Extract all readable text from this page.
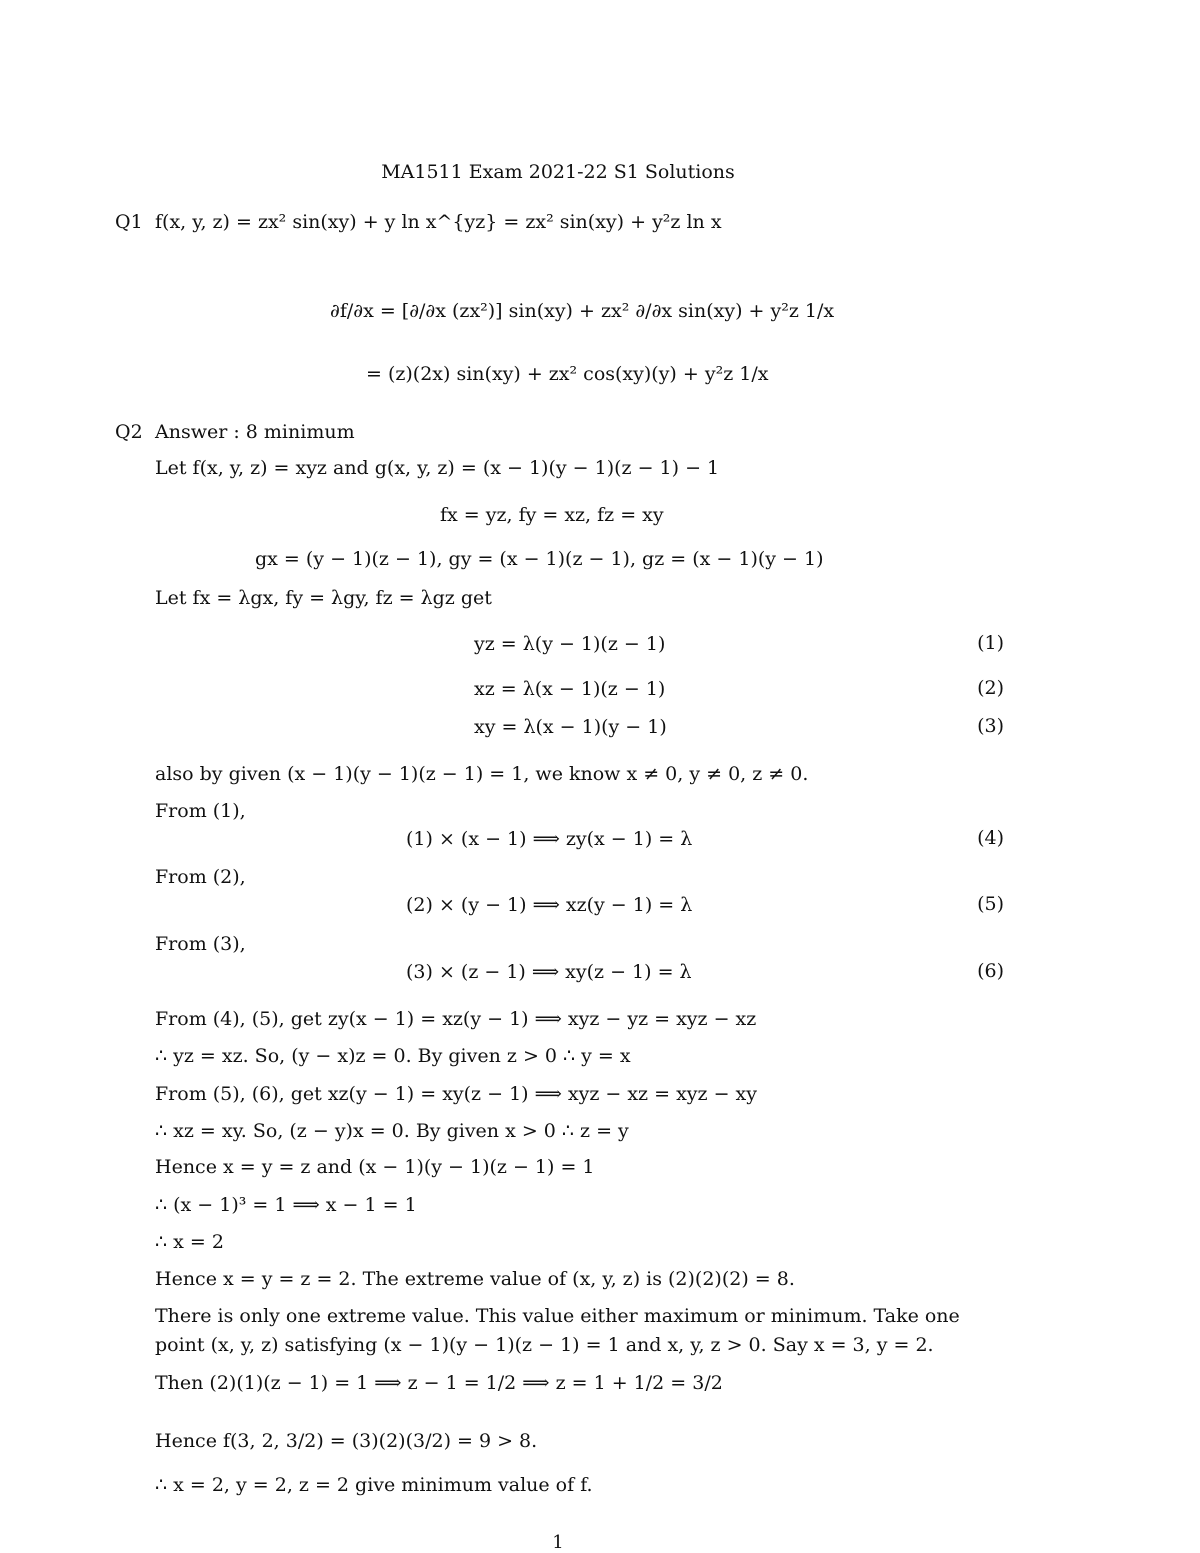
MA1511 Exam 2021-22 S1 Solutions
Q1 f(x, y, z) = zx² sin(xy) + y ln x^{yz} = zx² sin(xy) + y²z ln x
∂f/∂x = [∂/∂x (zx²)] sin(xy) + zx² ∂/∂x sin(xy) + y²z 1/x
= (z)(2x) sin(xy) + zx² cos(xy)(y) + y²z 1/x
Q2 Answer : 8 minimum
Let f(x, y, z) = xyz and g(x, y, z) = (x − 1)(y − 1)(z − 1) − 1
fx = yz, fy = xz, fz = xy
gx = (y − 1)(z − 1), gy = (x − 1)(z − 1), gz = (x − 1)(y − 1)
Let fx = λgx, fy = λgy, fz = λgz get
yz = λ(y − 1)(z − 1)	(1)
xz = λ(x − 1)(z − 1)	(2)
xy = λ(x − 1)(y − 1)	(3)
also by given (x − 1)(y − 1)(z − 1) = 1, we know x ≠ 0, y ≠ 0, z ≠ 0.
From (1),
(1) × (x − 1) ⟹ zy(x − 1) = λ	(4)
From (2),
(2) × (y − 1) ⟹ xz(y − 1) = λ	(5)
From (3),
(3) × (z − 1) ⟹ xy(z − 1) = λ	(6)
From (4), (5), get zy(x − 1) = xz(y − 1) ⟹ xyz − yz = xyz − xz
∴ yz = xz. So, (y − x)z = 0. By given z > 0 ∴ y = x
From (5), (6), get xz(y − 1) = xy(z − 1) ⟹ xyz − xz = xyz − xy
∴ xz = xy. So, (z − y)x = 0. By given x > 0 ∴ z = y
Hence x = y = z and (x − 1)(y − 1)(z − 1) = 1
∴ (x − 1)³ = 1 ⟹ x − 1 = 1
∴ x = 2
Hence x = y = z = 2. The extreme value of (x, y, z) is (2)(2)(2) = 8.
There is only one extreme value. This value either maximum or minimum. Take one
point (x, y, z) satisfying (x − 1)(y − 1)(z − 1) = 1 and x, y, z > 0. Say x = 3, y = 2.
Then (2)(1)(z − 1) = 1 ⟹ z − 1 = 1/2 ⟹ z = 1 + 1/2 = 3/2
Hence f(3, 2, 3/2) = (3)(2)(3/2) = 9 > 8.
∴ x = 2, y = 2, z = 2 give minimum value of f.
1
